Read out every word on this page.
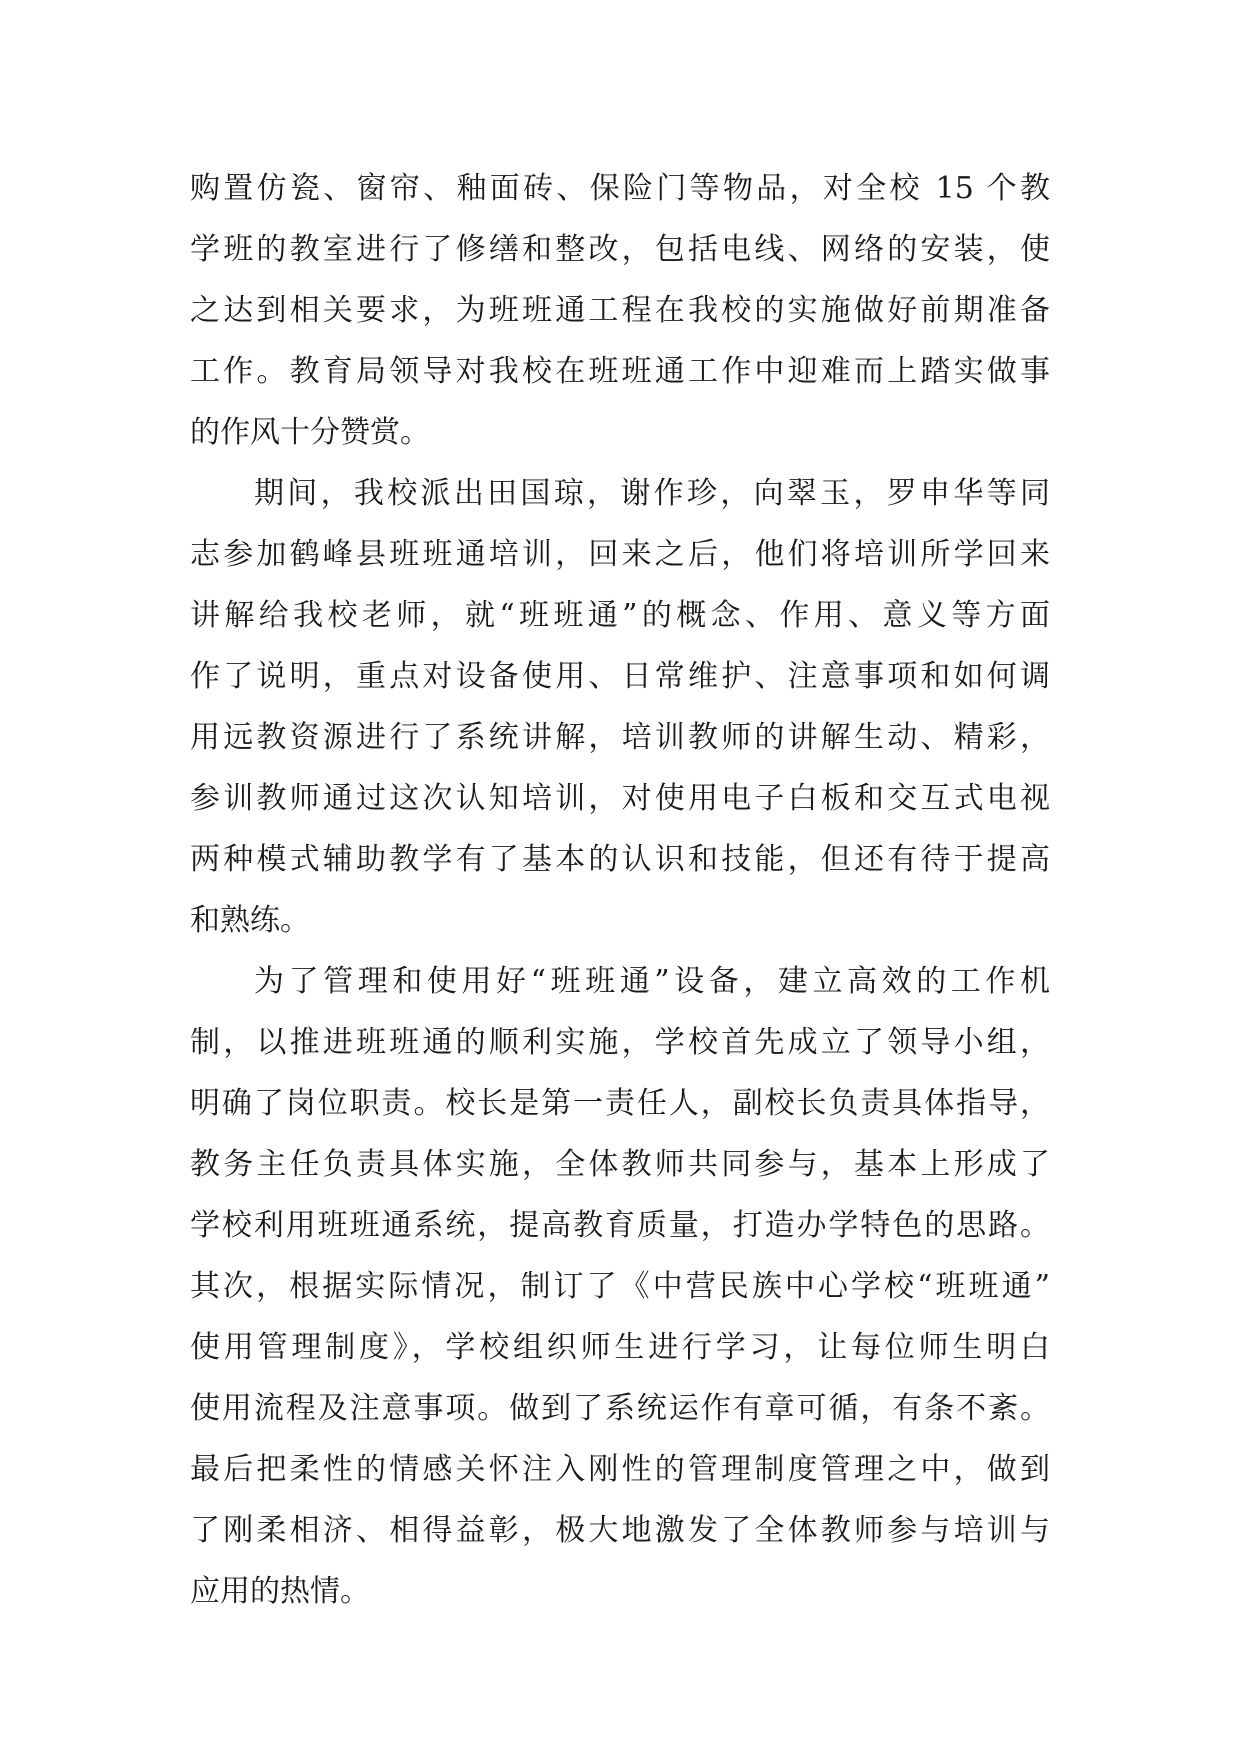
购置仿瓷、窗帘、釉面砖、保险门等物品，对全校 15 个教
学班的教室进行了修缮和整改，包括电线、网络的安装，使
之达到相关要求，为班班通工程在我校的实施做好前期准备
工作。教育局领导对我校在班班通工作中迎难而上踏实做事
的作风十分赞赏。
期间，我校派出田国琼，谢作珍，向翠玉，罗申华等同
志参加鹤峰县班班通培训，回来之后，他们将培训所学回来
讲解给我校老师，就“班班通”的概念、作用、意义等方面
作了说明，重点对设备使用、日常维护、注意事项和如何调
用远教资源进行了系统讲解，培训教师的讲解生动、精彩，
参训教师通过这次认知培训，对使用电子白板和交互式电视
两种模式辅助教学有了基本的认识和技能，但还有待于提高
和熟练。
为了管理和使用好“班班通”设备，建立高效的工作机
制，以推进班班通的顺利实施，学校首先成立了领导小组，
明确了岗位职责。校长是第一责任人，副校长负责具体指导，
教务主任负责具体实施，全体教师共同参与，基本上形成了
学校利用班班通系统，提高教育质量，打造办学特色的思路。
其次，根据实际情况，制订了《中营民族中心学校“班班通”
使用管理制度》，学校组织师生进行学习，让每位师生明白
使用流程及注意事项。做到了系统运作有章可循，有条不紊。
最后把柔性的情感关怀注入刚性的管理制度管理之中，做到
了刚柔相济、相得益彰，极大地激发了全体教师参与培训与
应用的热情。
